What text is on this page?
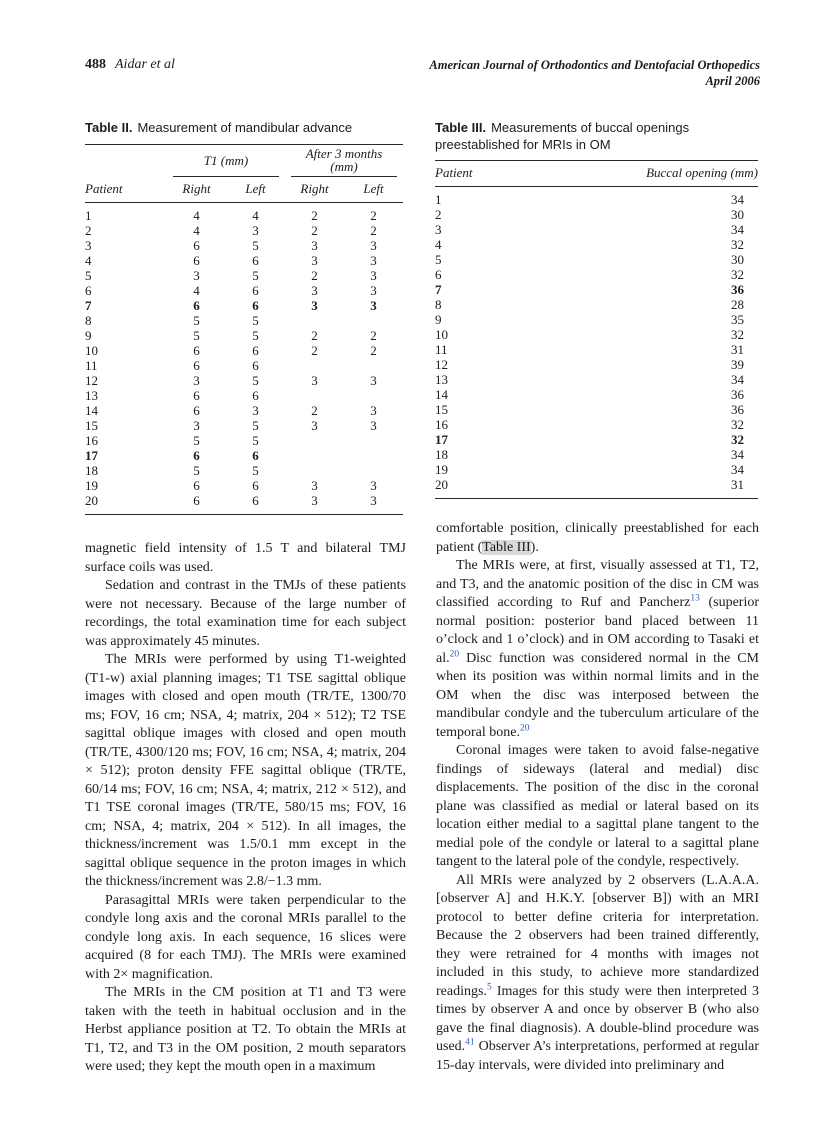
488 Aidar et al	American Journal of Orthodontics and Dentofacial Orthopedics
April 2006
Table II. Measurement of mandibular advance

	T1 (mm)		After 3 months
(mm)	

Patient	Right	Left	Right	Left
1	4	4	2	2
2	4	3	2	2
3	6	5	3	3
4	6	6	3	3
5	3	5	2	3
6	4	6	3	3
7	6	6	3	3
8	5	5		
9	5	5	2	2
10	6	6	2	2
11	6	6		
12	3	5	3	3
13	6	6		
14	6	3	2	3
15	3	5	3	3
16	5	5		
17	6	6		
18	5	5		
19	6	6	3	3
20	6	6	3	3
Table III. Measurements of buccal openings preestablished for MRIs in OM
Patient	Buccal opening (mm)
1	34
2	30
3	34
4	32
5	30
6	32
7	36
8	28
9	35
10	32
11	31
12	39
13	34
14	36
15	36
16	32
17	32
18	34
19	34
20	31

magnetic field intensity of 1.5 T and bilateral TMJ surface coils was used.

Sedation and contrast in the TMJs of these patients were not necessary. Because of the large number of recordings, the total examination time for each subject was approximately 45 minutes.

The MRIs were performed by using T1-weighted (T1-w) axial planning images; T1 TSE sagittal oblique images with closed and open mouth (TR/TE, 1300/70 ms; FOV, 16 cm; NSA, 4; matrix, 204 × 512); T2 TSE sagittal oblique images with closed and open mouth (TR/TE, 4300/120 ms; FOV, 16 cm; NSA, 4; matrix, 204 × 512); proton density FFE sagittal oblique (TR/TE, 60/14 ms; FOV, 16 cm; NSA, 4; matrix, 212 × 512), and T1 TSE coronal images (TR/TE, 580/15 ms; FOV, 16 cm; NSA, 4; matrix, 204 × 512). In all images, the thickness/increment was 1.5/0.1 mm except in the sagittal oblique sequence in the proton images in which the thickness/increment was 2.8/−1.3 mm.

Parasagittal MRIs were taken perpendicular to the condyle long axis and the coronal MRIs parallel to the condyle long axis. In each sequence, 16 slices were acquired (8 for each TMJ). The MRIs were examined with 2× magnification.

The MRIs in the CM position at T1 and T3 were taken with the teeth in habitual occlusion and in the Herbst appliance position at T2. To obtain the MRIs at T1, T2, and T3 in the OM position, 2 mouth separators were used; they kept the mouth open in a maximum

comfortable position, clinically preestablished for each patient (Table III).

The MRIs were, at first, visually assessed at T1, T2, and T3, and the anatomic position of the disc in CM was classified according to Ruf and Pancherz$^{13}$ (superior normal position: posterior band placed between 11 o’clock and 1 o’clock) and in OM according to Tasaki et al.$^{20}$ Disc function was considered normal in the CM when its position was within normal limits and in the OM when the disc was interposed between the mandibular condyle and the tuberculum articulare of the temporal bone.$^{20}$

Coronal images were taken to avoid false-negative findings of sideways (lateral and medial) disc displacements. The position of the disc in the coronal plane was classified as medial or lateral based on its location either medial to a sagittal plane tangent to the medial pole of the condyle or lateral to a sagittal plane tangent to the lateral pole of the condyle, respectively.

All MRIs were analyzed by 2 observers (L.A.A.A. [observer A] and H.K.Y. [observer B]) with an MRI protocol to better define criteria for interpretation. Because the 2 observers had been trained differently, they were retrained for 4 months with images not included in this study, to achieve more standardized readings.$^5$ Images for this study were then interpreted 3 times by observer A and once by observer B (who also gave the final diagnosis). A double-blind procedure was used.$^{41}$ Observer A’s interpretations, performed at regular 15-day intervals, were divided into preliminary and
